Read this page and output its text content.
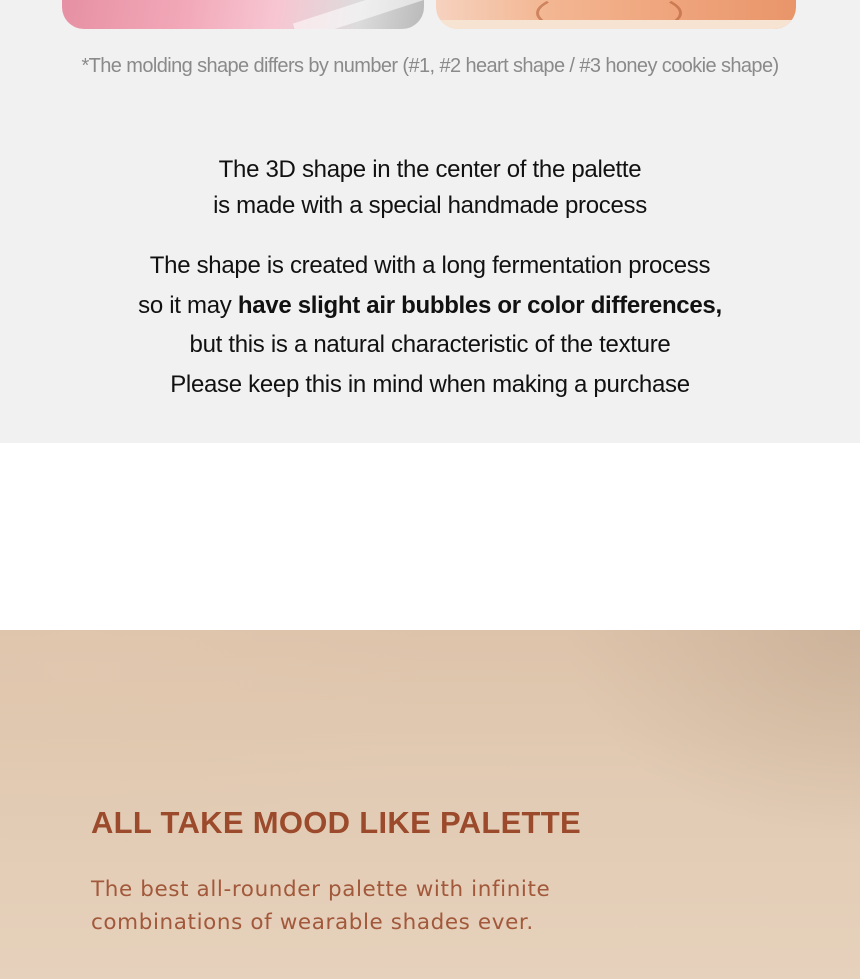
*The molding shape differs by number (#1, #2 heart shape / #3 honey cookie shape)

The 3D shape in the center of the palette
is made with a special handmade process
The shape is created with a long fermentation process
so it may have slight air bubbles or color differences,
but this is a natural characteristic of the texture
Please keep this in mind when making a purchase
ALL TAKE MOOD LIKE PALETTE
The best all-rounder palette with infinite
combinations of wearable shades ever.
